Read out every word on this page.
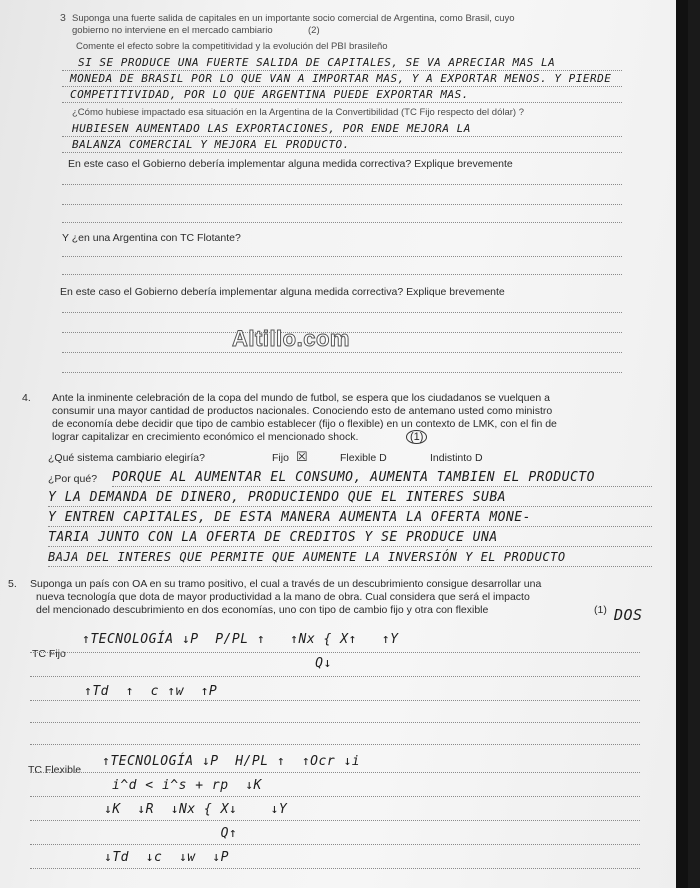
3 Suponga una fuerte salida de capitales en un importante socio comercial de Argentina, como Brasil, cuyo
gobierno no interviene en el mercado cambiario	(2)
Comente el efecto sobre la competitividad y la evolución del PBI brasileño
SI SE PRODUCE UNA FUERTE SALIDA DE CAPITALES, SE VA APRECIAR MAS LA
MONEDA DE BRASIL POR LO QUE VAN A IMPORTAR MAS, Y A EXPORTAR MENOS. Y PIERDE
COMPETITIVIDAD, POR LO QUE ARGENTINA PUEDE EXPORTAR MAS.
¿Cómo hubiese impactado esa situación en la Argentina de la Convertibilidad (TC Fijo respecto del dólar) ?
HUBIESEN AUMENTADO LAS EXPORTACIONES, POR ENDE MEJORA LA
BALANZA COMERCIAL Y MEJORA EL PRODUCTO.
En este caso el Gobierno debería implementar alguna medida correctiva? Explique brevemente
Y ¿en una Argentina con TC Flotante?
En este caso el Gobierno debería implementar alguna medida correctiva? Explique brevemente
Altillo.com
4. Ante la inminente celebración de la copa del mundo de futbol, se espera que los ciudadanos se vuelquen a
consumir una mayor cantidad de productos nacionales. Conociendo esto de antemano usted como ministro
de economía debe decidir que tipo de cambio establecer (fijo o flexible) en un contexto de LMK, con el fin de
lograr capitalizar en crecimiento económico el mencionado shock.	(1)
¿Qué sistema cambiario elegiría?	Fijo ☒	Flexible D	Indistinto D
¿Por qué? PORQUE AL AUMENTAR EL CONSUMO, AUMENTA TAMBIEN EL PRODUCTO
Y LA DEMANDA DE DINERO, PRODUCIENDO QUE EL INTERES SUBA
Y ENTREN CAPITALES, DE ESTA MANERA AUMENTA LA OFERTA MONE-
TARIA JUNTO CON LA OFERTA DE CREDITOS Y SE PRODUCE UNA
BAJA DEL INTERES QUE PERMITE QUE AUMENTE LA INVERSIÓN Y EL PRODUCTO
5. Suponga un país con OA en su tramo positivo, el cual a través de un descubrimiento consigue desarrollar una
nueva tecnología que dota de mayor productividad a la mano de obra. Cual considera que será el impacto
del mencionado descubrimiento en dos economías, uno con tipo de cambio fijo y otra con flexible	(1) DOS
TC Fijo
↑TECNOLOGÍA ↓P  P/PL ↑   ↑Nx { X↑   ↑Y
Q↓
↑Td  ↑  c ↑w  ↑P
TC Flexible
↑TECNOLOGÍA ↓P  H/PL ↑  ↑Ocr ↓i
i^d < i^s + rp  ↓K
↓K  ↓R  ↓Nx { X↓    ↓Y
Q↑
↓Td  ↓c  ↓w  ↓P
